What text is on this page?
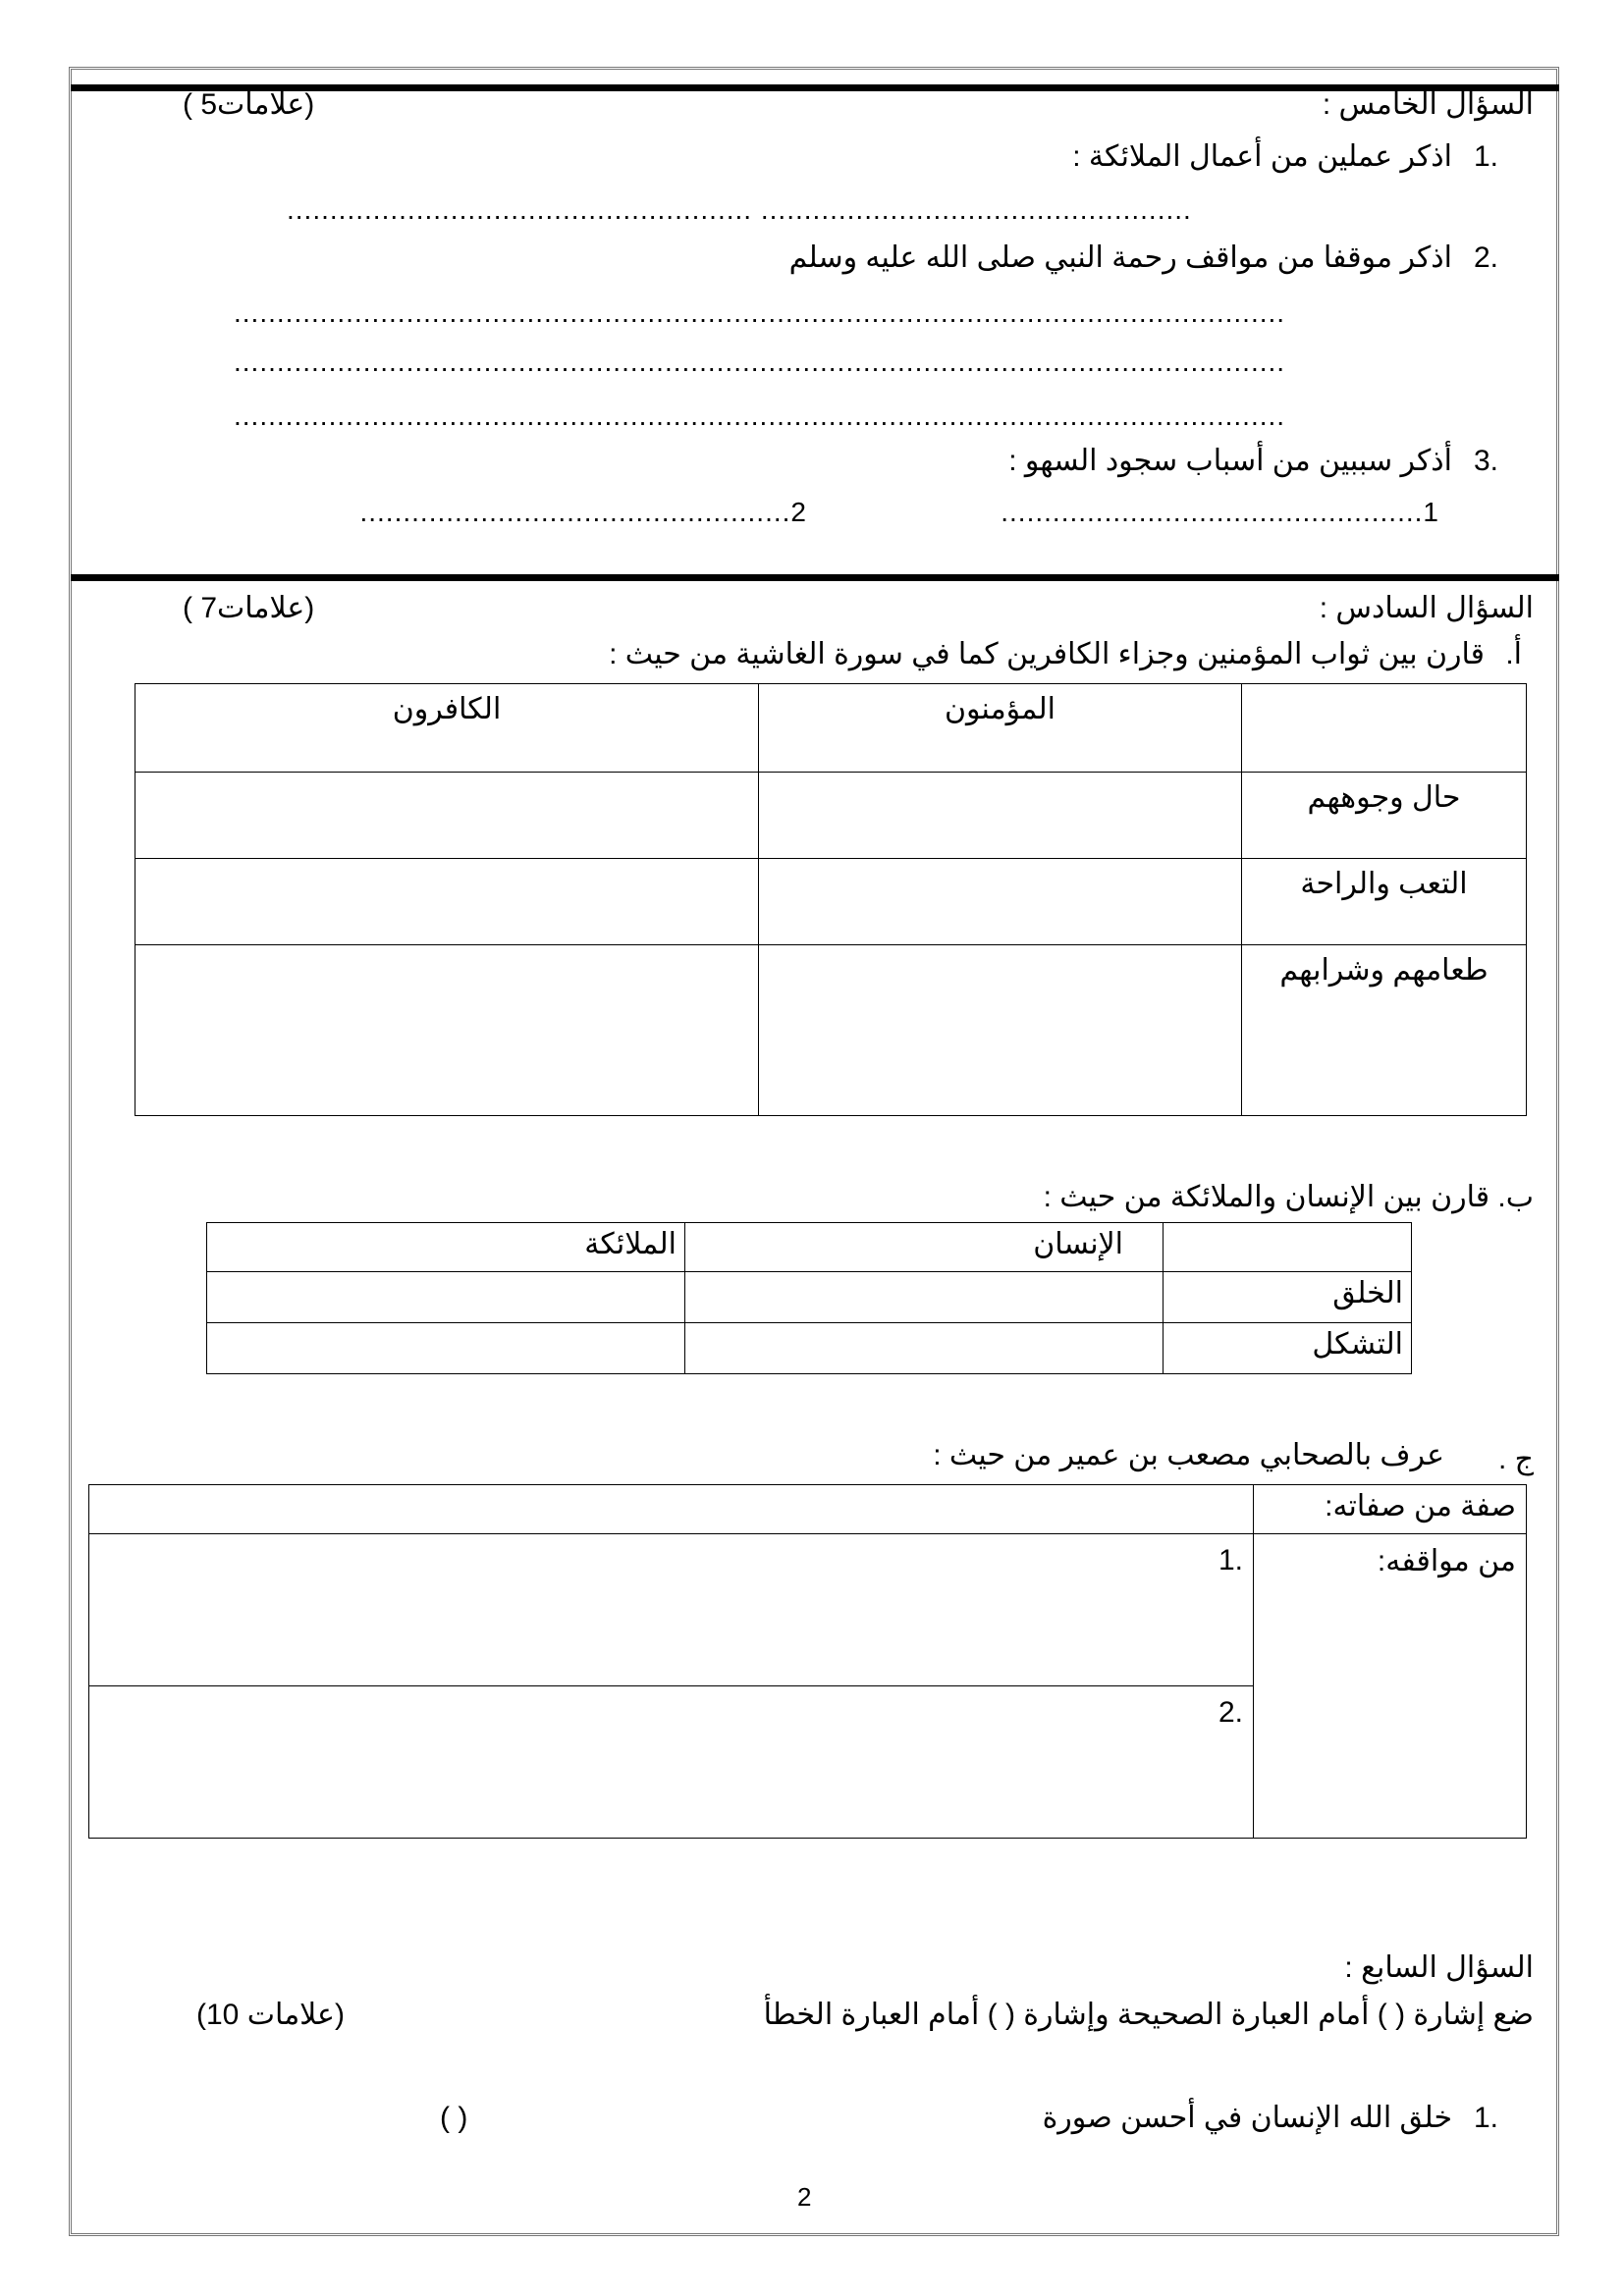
السؤال الخامس :
( 5علامات)
.1
اذكر عملين من أعمال الملائكة :
...................................................... ..................................................
.2
اذكر موقفا من مواقف رحمة النبي صلى الله عليه وسلم
..........................................................................................................................
..........................................................................................................................
..........................................................................................................................
.3
أذكر سببين من أسباب سجود السهو :
1.................................................
2..................................................
السؤال السادس :
( 7علامات)
أ.
قارن بين ثواب المؤمنين وجزاء الكافرين كما في سورة الغاشية من حيث :
	المؤمنون	الكافرون
حال وجوههم		
التعب والراحة		
طعامهم وشرابهم		
ب. قارن بين الإنسان والملائكة من حيث :
	الإنسان	الملائكة
الخلق		
التشكل		
ج .
عرف بالصحابي مصعب بن عمير من حيث :
صفة من صفاته:	
من مواقفه:	.1
	.2
السؤال السابع :
ضع إشارة ( ) أمام العبارة الصحيحة وإشارة ( ) أمام العبارة الخطأ
(10 علامات)
.1
خلق الله الإنسان في أحسن صورة
( )
2
